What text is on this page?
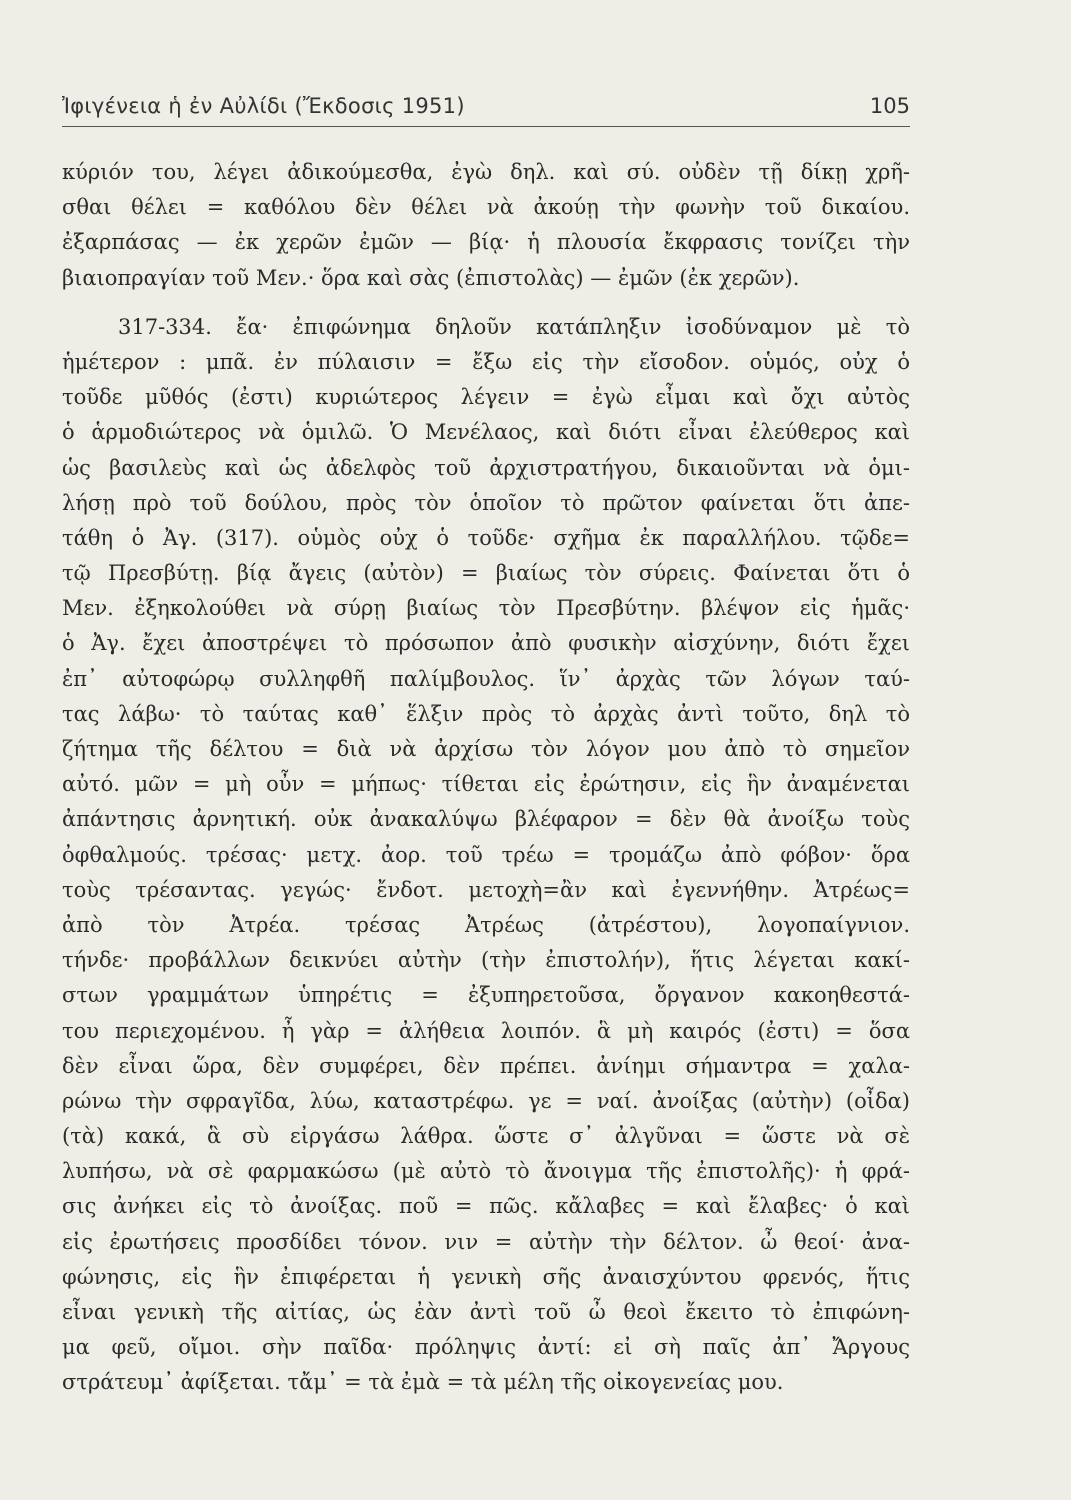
Ἰφιγένεια ἡ ἐν Αὐλίδι (Ἔκδοσις 1951)	105
κύριόν του, λέγει ἀδικούμεσθα, ἐγὼ δηλ. καὶ σύ. οὐδὲν τῇ δίκῃ χρῆ-
σθαι θέλει = καθόλου δὲν θέλει νὰ ἀκούῃ τὴν φωνὴν τοῦ δικαίου.
ἐξαρπάσας — ἐκ χερῶν ἐμῶν — βίᾳ· ἡ πλουσία ἔκφρασις τονίζει τὴν
βιαιοπραγίαν τοῦ Μεν.· ὅρα καὶ σὰς (ἐπιστολὰς) — ἐμῶν (ἐκ χερῶν).
317-334. ἔα· ἐπιφώνημα δηλοῦν κατάπληξιν ἰσοδύναμον μὲ τὸ
ἡμέτερον : μπᾶ. ἐν πύλαισιν = ἔξω εἰς τὴν εἴσοδον. οὑμός, οὐχ ὁ
τοῦδε μῦθός (ἐστι) κυριώτερος λέγειν = ἐγὼ εἶμαι καὶ ὄχι αὐτὸς
ὁ ἁρμοδιώτερος νὰ ὁμιλῶ. Ὁ Μενέλαος, καὶ διότι εἶναι ἐλεύθερος καὶ
ὡς βασιλεὺς καὶ ὡς ἀδελφὸς τοῦ ἀρχιστρατήγου, δικαιοῦνται νὰ ὁμι-
λήσῃ πρὸ τοῦ δούλου, πρὸς τὸν ὁποῖον τὸ πρῶτον φαίνεται ὅτι ἀπε-
τάθη ὁ Ἀγ. (317). οὑμὸς οὐχ ὁ τοῦδε· σχῆμα ἐκ παραλλήλου. τῷδε=
τῷ Πρεσβύτῃ. βίᾳ ἄγεις (αὐτὸν) = βιαίως τὸν σύρεις. Φαίνεται ὅτι ὁ
Μεν. ἐξηκολούθει νὰ σύρῃ βιαίως τὸν Πρεσβύτην. βλέψον εἰς ἡμᾶς·
ὁ Ἀγ. ἔχει ἀποστρέψει τὸ πρόσωπον ἀπὸ φυσικὴν αἰσχύνην, διότι ἔχει
ἐπ᾽ αὐτοφώρῳ συλληφθῆ παλίμβουλος. ἵν᾽ ἀρχὰς τῶν λόγων ταύ-
τας λάβω· τὸ ταύτας καθ᾽ ἕλξιν πρὸς τὸ ἀρχὰς ἀντὶ τοῦτο, δηλ τὸ
ζήτημα τῆς δέλτου = διὰ νὰ ἀρχίσω τὸν λόγον μου ἀπὸ τὸ σημεῖον
αὐτό. μῶν = μὴ οὖν = μήπως· τίθεται εἰς ἐρώτησιν, εἰς ἣν ἀναμένεται
ἀπάντησις ἀρνητική. οὐκ ἀνακαλύψω βλέφαρον = δὲν θὰ ἀνοίξω τοὺς
ὀφθαλμούς. τρέσας· μετχ. ἀορ. τοῦ τρέω = τρομάζω ἀπὸ φόβον· ὅρα
τοὺς τρέσαντας. γεγώς· ἔνδοτ. μετοχὴ=ἂν καὶ ἐγεννήθην. Ἀτρέως=
ἀπὸ τὸν Ἀτρέα. τρέσας Ἀτρέως (ἀτρέστου), λογοπαίγνιον.
τήνδε· προβάλλων δεικνύει αὐτὴν (τὴν ἐπιστολήν), ἥτις λέγεται κακί-
στων γραμμάτων ὑπηρέτις = ἐξυπηρετοῦσα, ὄργανον κακοηθεστά-
του περιεχομένου. ἦ γὰρ = ἀλήθεια λοιπόν. ἃ μὴ καιρός (ἐστι) = ὅσα
δὲν εἶναι ὥρα, δὲν συμφέρει, δὲν πρέπει. ἀνίημι σήμαντρα = χαλα-
ρώνω τὴν σφραγῖδα, λύω, καταστρέφω. γε = ναί. ἀνοίξας (αὐτὴν) (οἶδα)
(τὰ) κακά, ἃ σὺ εἰργάσω λάθρα. ὥστε σ᾽ ἀλγῦναι = ὥστε νὰ σὲ
λυπήσω, νὰ σὲ φαρμακώσω (μὲ αὐτὸ τὸ ἄνοιγμα τῆς ἐπιστολῆς)· ἡ φρά-
σις ἀνήκει εἰς τὸ ἀνοίξας. ποῦ = πῶς. κἄλαβες = καὶ ἔλαβες· ὁ καὶ
εἰς ἐρωτήσεις προσδίδει τόνον. νιν = αὐτὴν τὴν δέλτον. ὦ θεοί· ἀνα-
φώνησις, εἰς ἣν ἐπιφέρεται ἡ γενικὴ σῆς ἀναισχύντου φρενός, ἥτις
εἶναι γενικὴ τῆς αἰτίας, ὡς ἐὰν ἀντὶ τοῦ ὦ θεοὶ ἔκειτο τὸ ἐπιφώνη-
μα φεῦ, οἴμοι. σὴν παῖδα· πρόληψις ἀντί: εἰ σὴ παῖς ἀπ᾽ Ἄργους
στράτευμ᾽ ἀφίξεται. τἄμ᾽ = τὰ ἐμὰ = τὰ μέλη τῆς οἰκογενείας μου.
